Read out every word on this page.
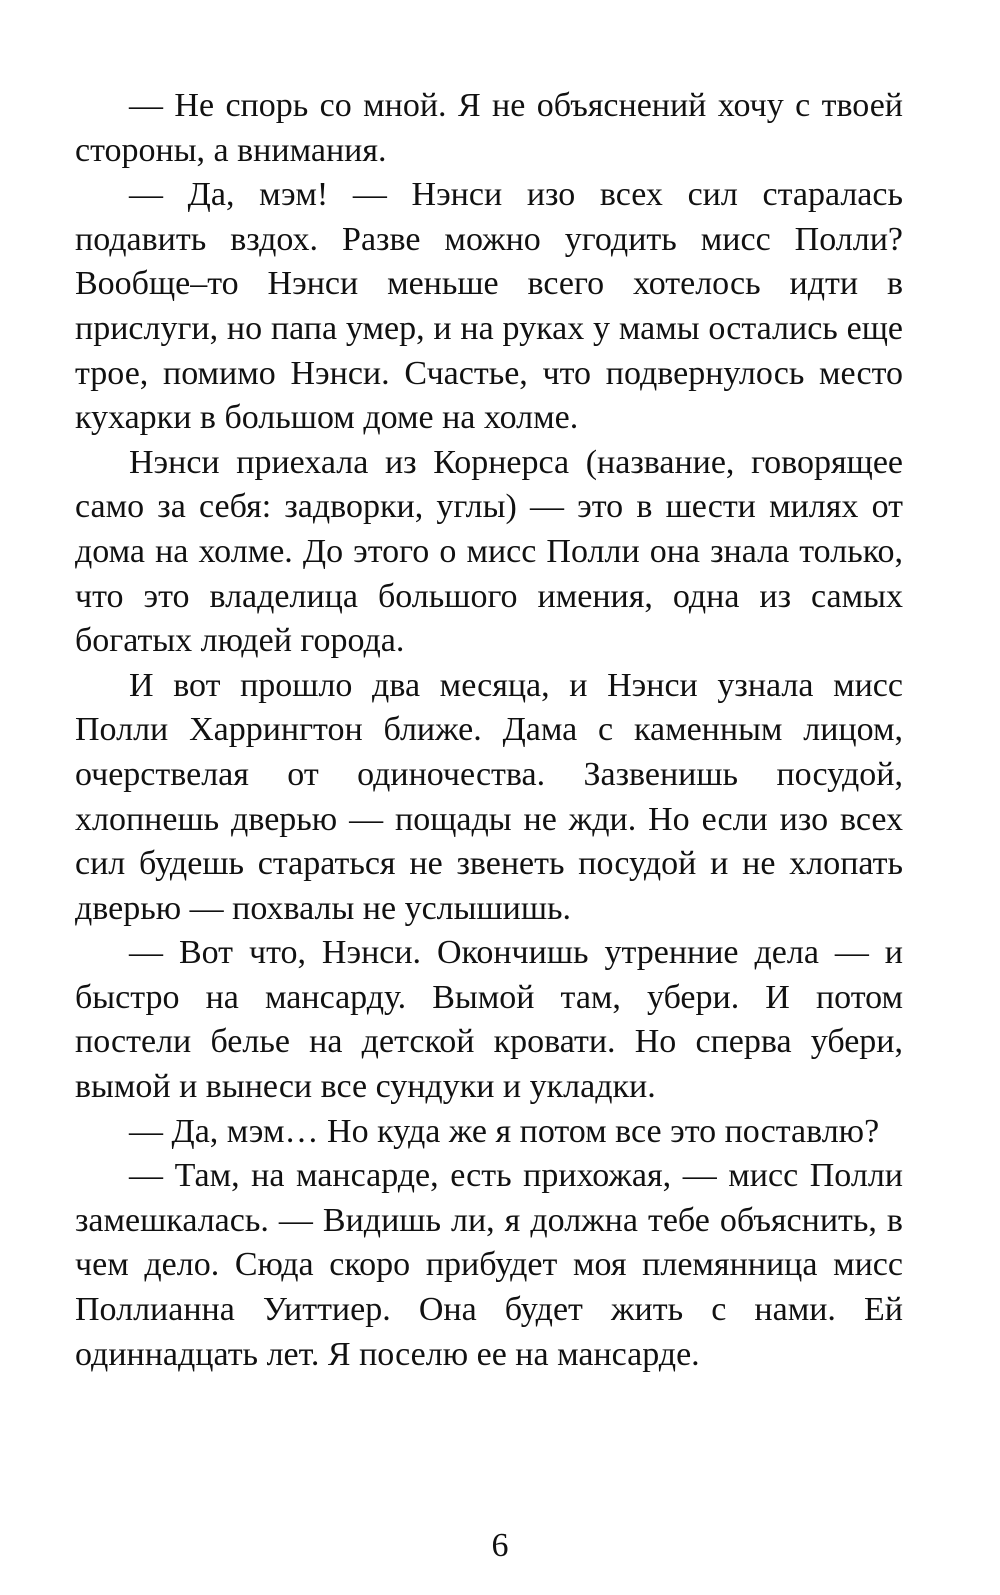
— Не спорь со мной. Я не объяснений хочу с твоей стороны, а внимания.

— Да, мэм! — Нэнси изо всех сил старалась подавить вздох. Разве можно угодить мисс Полли? Вообще–то Нэнси меньше всего хотелось идти в прислуги, но папа умер, и на руках у мамы остались еще трое, помимо Нэнси. Счастье, что подвернулось место кухарки в большом доме на холме.

Нэнси приехала из Корнерса (название, говорящее само за себя: задворки, углы) — это в шести милях от дома на холме. До этого о мисс Полли она знала только, что это владелица большого имения, одна из самых богатых людей города.

И вот прошло два месяца, и Нэнси узнала мисс Полли Харрингтон ближе. Дама с каменным лицом, очерствелая от одиночества. Зазвенишь посудой, хлопнешь дверью — пощады не жди. Но если изо всех сил будешь стараться не звенеть посудой и не хлопать дверью — похвалы не услышишь.

— Вот что, Нэнси. Окончишь утренние дела — и быстро на мансарду. Вымой там, убери. И потом постели белье на детской кровати. Но сперва убери, вымой и вынеси все сундуки и укладки.

— Да, мэм… Но куда же я потом все это поставлю?

— Там, на мансарде, есть прихожая, — мисс Полли замешкалась. — Видишь ли, я должна тебе объяснить, в чем дело. Сюда скоро прибудет моя племянница мисс Поллианна Уиттиер. Она будет жить с нами. Ей одиннадцать лет. Я поселю ее на мансарде.

6
